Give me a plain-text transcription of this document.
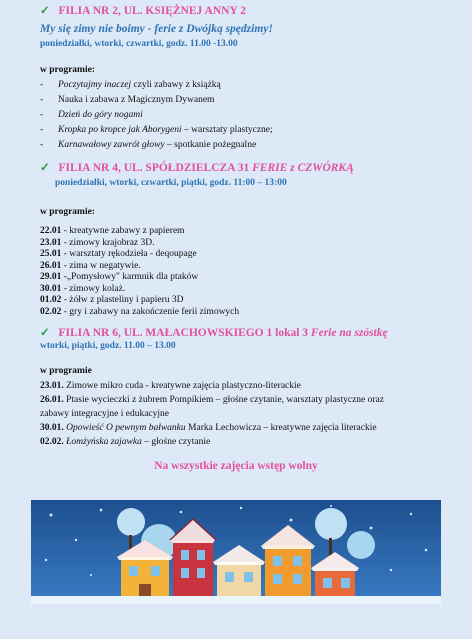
✓ FILIA NR 2, UL. KSIĘŻNEJ ANNY 2
My się zimy nie boimy - ferie z Dwójką spędzimy!
poniedziałki, wtorki, czwartki, godz. 11.00 -13.00
w programie:
- Poczytajmy inaczej czyli zabawy z książką
- Nauka i zabawa z Magicznym Dywanem
- Dzień do góry nogami
- Kropka po kropce jak Aborygeni – warsztaty plastyczne;
- Karnawałowy zawrót głowy – spotkanie pożegnalne
✓ FILIA NR 4, UL. SPÓŁDZIELCZA 31 FERIE z CZWÓRKĄ
poniedziałki, wtorki, czwartki, piątki, godz. 11:00 – 13:00
w programie:
22.01 - kreatywne zabawy z papierem
23.01 - zimowy krajobraz 3D.
25.01 - warsztaty rękodzieła - deqoupage
26.01 - zima w negatywie.
29.01 -„Pomysłowy" karmnik dla ptaków
30.01 - zimowy kolaż.
01.02 - żółw z plasteliny i papieru 3D
02.02 - gry i zabawy na zakończenie ferii zimowych
✓ FILIA NR 6, UL. MAŁACHOWSKIEGO 1 lokal 3 Ferie na szóstkę
wtorki, piątki, godz. 11.00 – 13.00
w programie
23.01. Zimowe mikro cuda - kreatywne zajęcia plastyczno-literackie
26.01. Ptasie wycieczki z żubrem Pompikiem – głośne czytanie, warsztaty plastyczne oraz
zabawy integracyjne i edukacyjne
30.01. Opowieść O pewnym bałwanku Marka Lechowicza – kreatywne zajęcia literackie
02.02. Łomżyńska zajawka – głośne czytanie
Na wszystkie zajęcia wstęp wolny
